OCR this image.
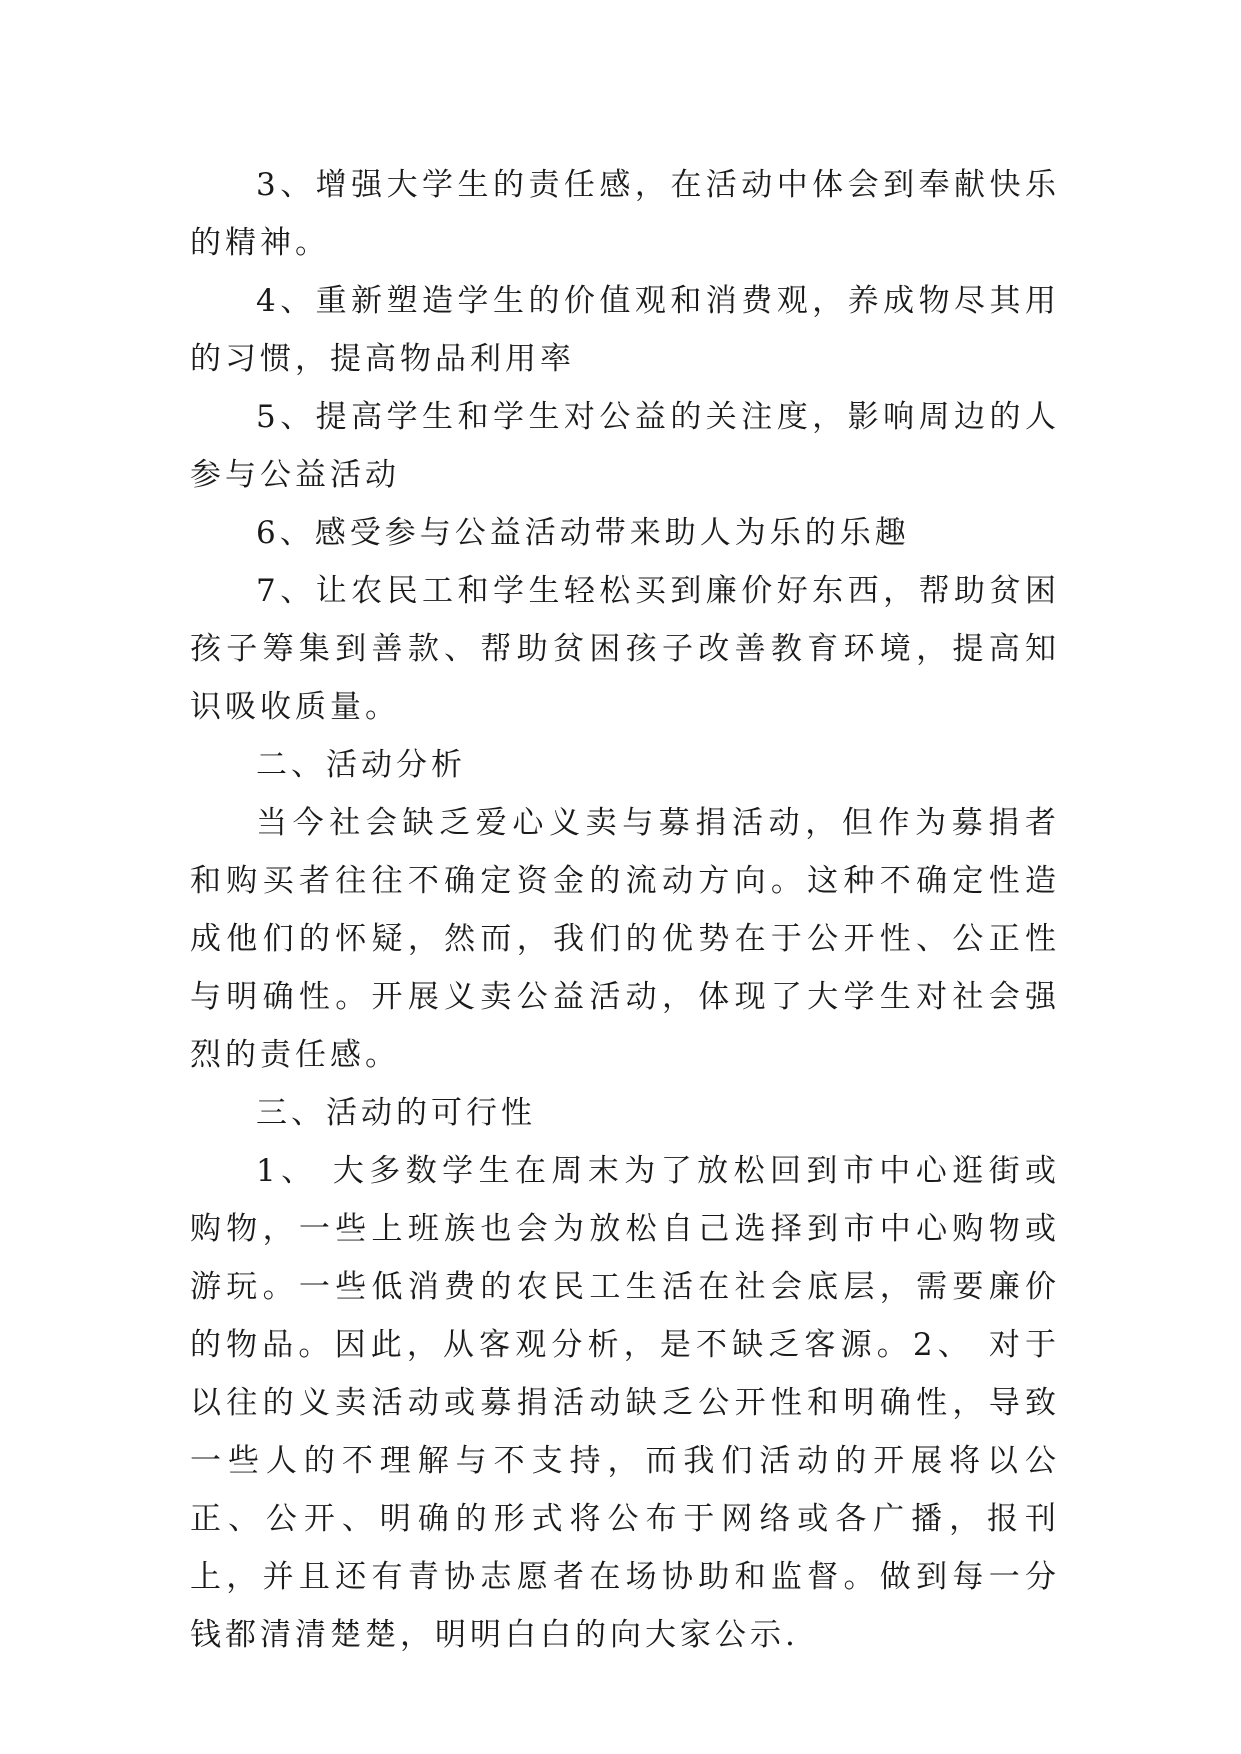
3、增强大学生的责任感，在活动中体会到奉献快乐的精神。

4、重新塑造学生的价值观和消费观，养成物尽其用的习惯，提高物品利用率

5、提高学生和学生对公益的关注度，影响周边的人参与公益活动

6、感受参与公益活动带来助人为乐的乐趣

7、让农民工和学生轻松买到廉价好东西，帮助贫困孩子筹集到善款、帮助贫困孩子改善教育环境，提高知识吸收质量。

二、活动分析

当今社会缺乏爱心义卖与募捐活动，但作为募捐者和购买者往往不确定资金的流动方向。这种不确定性造成他们的怀疑，然而，我们的优势在于公开性、公正性与明确性。开展义卖公益活动，体现了大学生对社会强烈的责任感。

三、活动的可行性

1、 大多数学生在周末为了放松回到市中心逛街或购物，一些上班族也会为放松自己选择到市中心购物或游玩。一些低消费的农民工生活在社会底层，需要廉价的物品。因此，从客观分析，是不缺乏客源。2、 对于以往的义卖活动或募捐活动缺乏公开性和明确性，导致一些人的不理解与不支持，而我们活动的开展将以公正、公开、明确的形式将公布于网络或各广播，报刊上，并且还有青协志愿者在场协助和监督。做到每一分钱都清清楚楚，明明白白的向大家公示.
